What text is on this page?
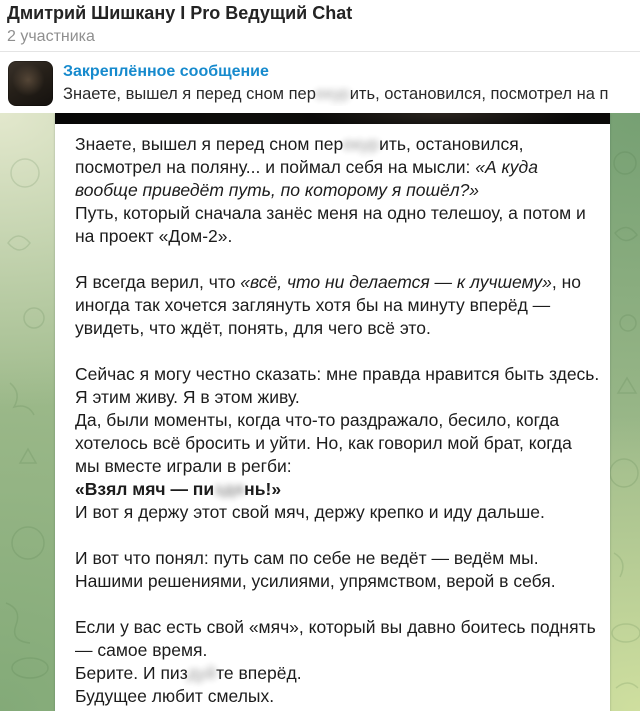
Дмитрий Шишкану I Pro Ведущий Chat
2 участника
Закреплённое сообщение
Знаете, вышел я перед сном перекурить, остановился, посмотрел на п
Знаете, вышел я перед сном перекурить, остановился, посмотрел на поляну... и поймал себя на мысли: «А куда вообще приведёт путь, по которому я пошёл?»
Путь, который сначала занёс меня на одно телешоу, а потом и на проект «Дом-2».
Я всегда верил, что «всё, что ни делается — к лучшему», но иногда так хочется заглянуть хотя бы на минуту вперёд — увидеть, что ждёт, понять, для чего всё это.
Сейчас я могу честно сказать: мне правда нравится быть здесь.
Я этим живу. Я в этом живу.
Да, были моменты, когда что-то раздражало, бесило, когда хотелось всё бросить и уйти. Но, как говорил мой брат, когда мы вместе играли в регби:
«Взял мяч — пиздянь!»
И вот я держу этот свой мяч, держу крепко и иду дальше.
И вот что понял: путь сам по себе не ведёт — ведём мы. Нашими решениями, усилиями, упрямством, верой в себя.
Если у вас есть свой «мяч», который вы давно боитесь поднять — самое время.
Берите. И пиздуйте вперёд.
Будущее любит смелых.
